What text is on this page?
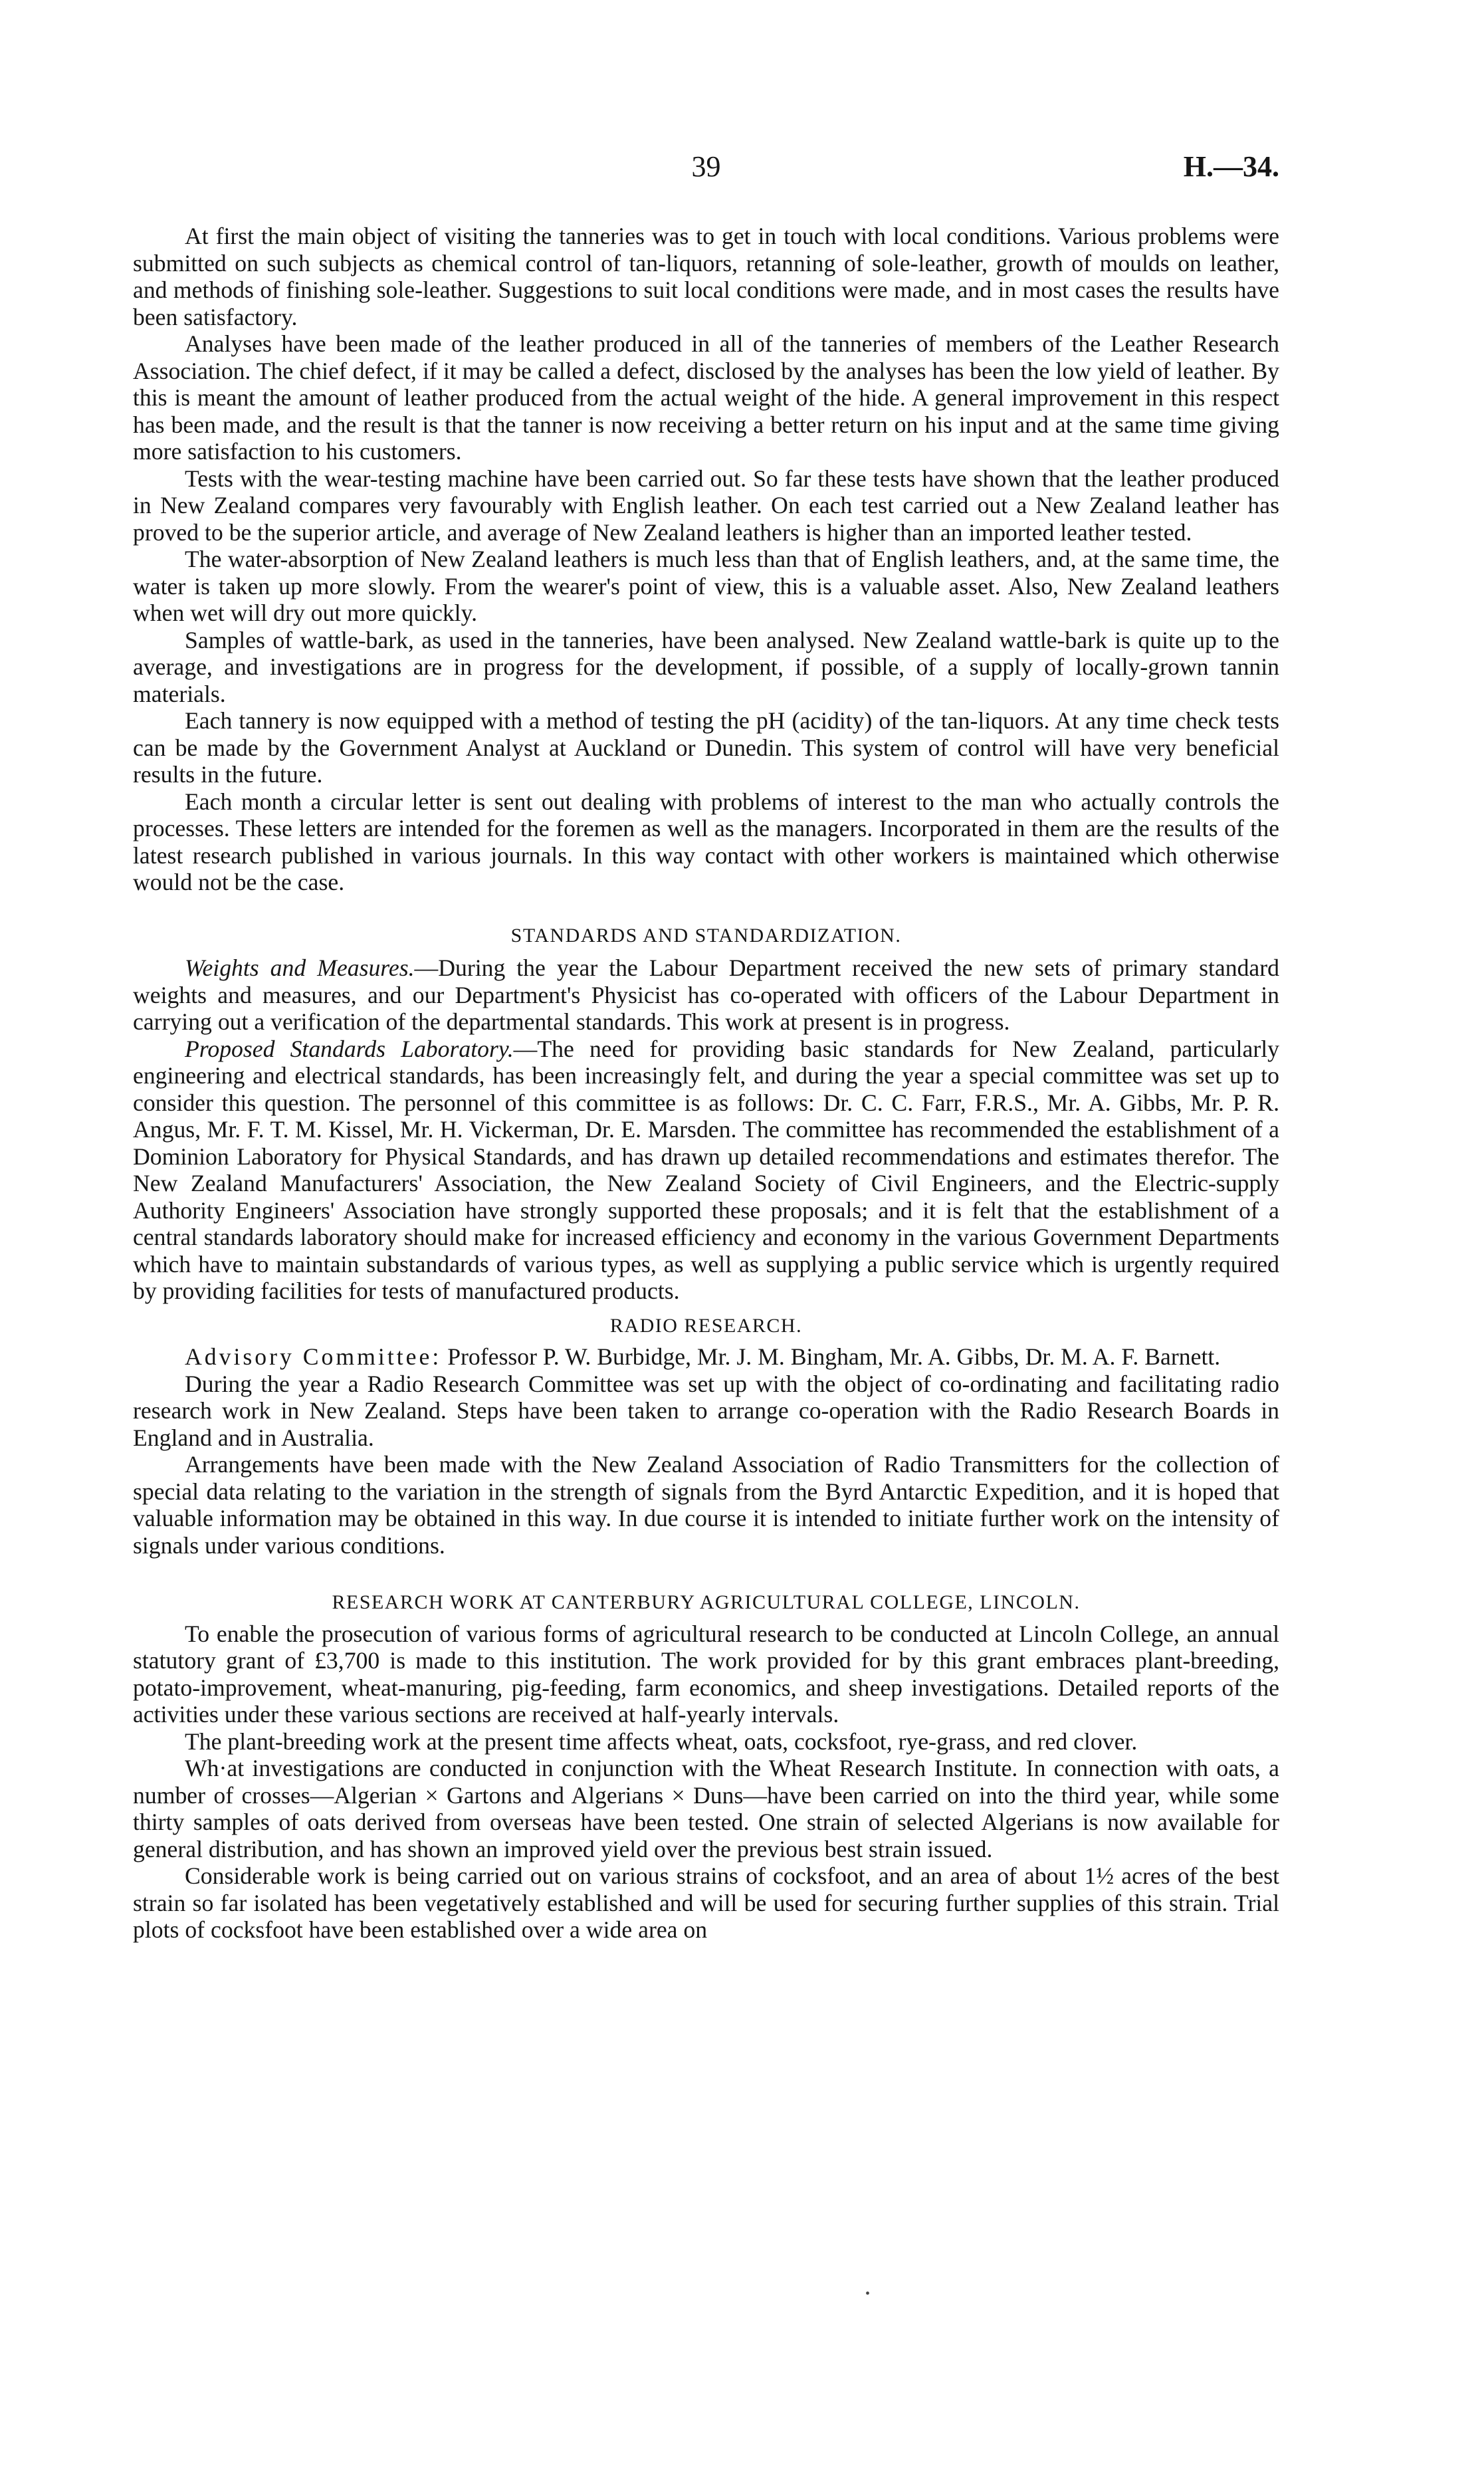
39	H.—34.

At first the main object of visiting the tanneries was to get in touch with local conditions. Various problems were submitted on such subjects as chemical control of tan-liquors, retanning of sole-leather, growth of moulds on leather, and methods of finishing sole-leather. Suggestions to suit local conditions were made, and in most cases the results have been satisfactory.

Analyses have been made of the leather produced in all of the tanneries of members of the Leather Research Association. The chief defect, if it may be called a defect, disclosed by the analyses has been the low yield of leather. By this is meant the amount of leather produced from the actual weight of the hide. A general improvement in this respect has been made, and the result is that the tanner is now receiving a better return on his input and at the same time giving more satisfaction to his customers.

Tests with the wear-testing machine have been carried out. So far these tests have shown that the leather produced in New Zealand compares very favourably with English leather. On each test carried out a New Zealand leather has proved to be the superior article, and average of New Zealand leathers is higher than an imported leather tested.

The water-absorption of New Zealand leathers is much less than that of English leathers, and, at the same time, the water is taken up more slowly. From the wearer's point of view, this is a valuable asset. Also, New Zealand leathers when wet will dry out more quickly.

Samples of wattle-bark, as used in the tanneries, have been analysed. New Zealand wattle-bark is quite up to the average, and investigations are in progress for the development, if possible, of a supply of locally-grown tannin materials.

Each tannery is now equipped with a method of testing the pH (acidity) of the tan-liquors. At any time check tests can be made by the Government Analyst at Auckland or Dunedin. This system of control will have very beneficial results in the future.

Each month a circular letter is sent out dealing with problems of interest to the man who actually controls the processes. These letters are intended for the foremen as well as the managers. Incorporated in them are the results of the latest research published in various journals. In this way contact with other workers is maintained which otherwise would not be the case.

STANDARDS AND STANDARDIZATION.

Weights and Measures.—During the year the Labour Department received the new sets of primary standard weights and measures, and our Department's Physicist has co-operated with officers of the Labour Department in carrying out a verification of the departmental standards. This work at present is in progress.

Proposed Standards Laboratory.—The need for providing basic standards for New Zealand, particularly engineering and electrical standards, has been increasingly felt, and during the year a special committee was set up to consider this question. The personnel of this committee is as follows: Dr. C. C. Farr, F.R.S., Mr. A. Gibbs, Mr. P. R. Angus, Mr. F. T. M. Kissel, Mr. H. Vickerman, Dr. E. Marsden. The committee has recommended the establishment of a Dominion Laboratory for Physical Standards, and has drawn up detailed recommendations and estimates therefor. The New Zealand Manufacturers' Association, the New Zealand Society of Civil Engineers, and the Electric-supply Authority Engineers' Association have strongly supported these proposals; and it is felt that the establishment of a central standards laboratory should make for increased efficiency and economy in the various Government Departments which have to maintain substandards of various types, as well as supplying a public service which is urgently required by providing facilities for tests of manufactured products.

RADIO RESEARCH.

Advisory Committee: Professor P. W. Burbidge, Mr. J. M. Bingham, Mr. A. Gibbs, Dr. M. A. F. Barnett.

During the year a Radio Research Committee was set up with the object of co-ordinating and facilitating radio research work in New Zealand. Steps have been taken to arrange co-operation with the Radio Research Boards in England and in Australia.

Arrangements have been made with the New Zealand Association of Radio Transmitters for the collection of special data relating to the variation in the strength of signals from the Byrd Antarctic Expedition, and it is hoped that valuable information may be obtained in this way. In due course it is intended to initiate further work on the intensity of signals under various conditions.

RESEARCH WORK AT CANTERBURY AGRICULTURAL COLLEGE, LINCOLN.

To enable the prosecution of various forms of agricultural research to be conducted at Lincoln College, an annual statutory grant of £3,700 is made to this institution. The work provided for by this grant embraces plant-breeding, potato-improvement, wheat-manuring, pig-feeding, farm economics, and sheep investigations. Detailed reports of the activities under these various sections are received at half-yearly intervals.

The plant-breeding work at the present time affects wheat, oats, cocksfoot, rye-grass, and red clover.

Wh·at investigations are conducted in conjunction with the Wheat Research Institute. In connection with oats, a number of crosses—Algerian × Gartons and Algerians × Duns—have been carried on into the third year, while some thirty samples of oats derived from overseas have been tested. One strain of selected Algerians is now available for general distribution, and has shown an improved yield over the previous best strain issued.

Considerable work is being carried out on various strains of cocksfoot, and an area of about 1½ acres of the best strain so far isolated has been vegetatively established and will be used for securing further supplies of this strain. Trial plots of cocksfoot have been established over a wide area on

•
